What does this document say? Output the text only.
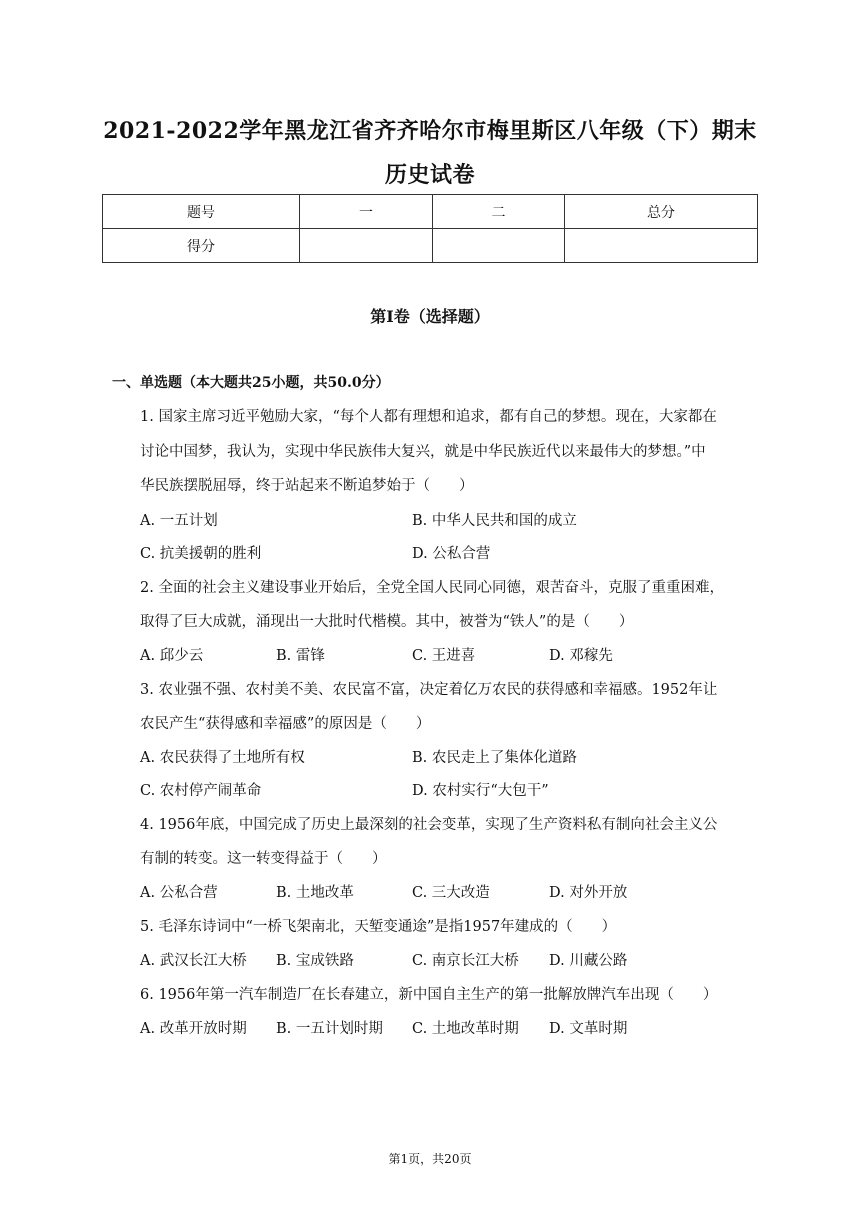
2021-2022学年黑龙江省齐齐哈尔市梅里斯区八年级（下）期末
历史试卷
题号	一	二	总分
得分			
第I卷（选择题）
一、单选题（本大题共25小题，共50.0分）
1. 国家主席习近平勉励大家，“每个人都有理想和追求，都有自己的梦想。现在，大家都在
讨论中国梦，我认为，实现中华民族伟大复兴，就是中华民族近代以来最伟大的梦想。”中
华民族摆脱屈辱，终于站起来不断追梦始于（　　）
A. 一五计划	B. 中华人民共和国的成立
C. 抗美援朝的胜利	D. 公私合营
2. 全面的社会主义建设事业开始后，全党全国人民同心同德，艰苦奋斗，克服了重重困难，
取得了巨大成就，涌现出一大批时代楷模。其中，被誉为“铁人”的是（　　）
A. 邱少云	B. 雷锋	C. 王进喜	D. 邓稼先
3. 农业强不强、农村美不美、农民富不富，决定着亿万农民的获得感和幸福感。1952年让
农民产生“获得感和幸福感”的原因是（　　）
A. 农民获得了土地所有权	B. 农民走上了集体化道路
C. 农村停产闹革命	D. 农村实行“大包干”
4. 1956年底，中国完成了历史上最深刻的社会变革，实现了生产资料私有制向社会主义公
有制的转变。这一转变得益于（　　）
A. 公私合营	B. 土地改革	C. 三大改造	D. 对外开放
5. 毛泽东诗词中“一桥飞架南北，天堑变通途”是指1957年建成的（　　）
A. 武汉长江大桥 B. 宝成铁路	C. 南京长江大桥 D. 川藏公路
6. 1956年第一汽车制造厂在长春建立，新中国自主生产的第一批解放牌汽车出现（　　）
A. 改革开放时期 B. 一五计划时期 C. 土地改革时期 D. 文革时期
第1页，共20页
